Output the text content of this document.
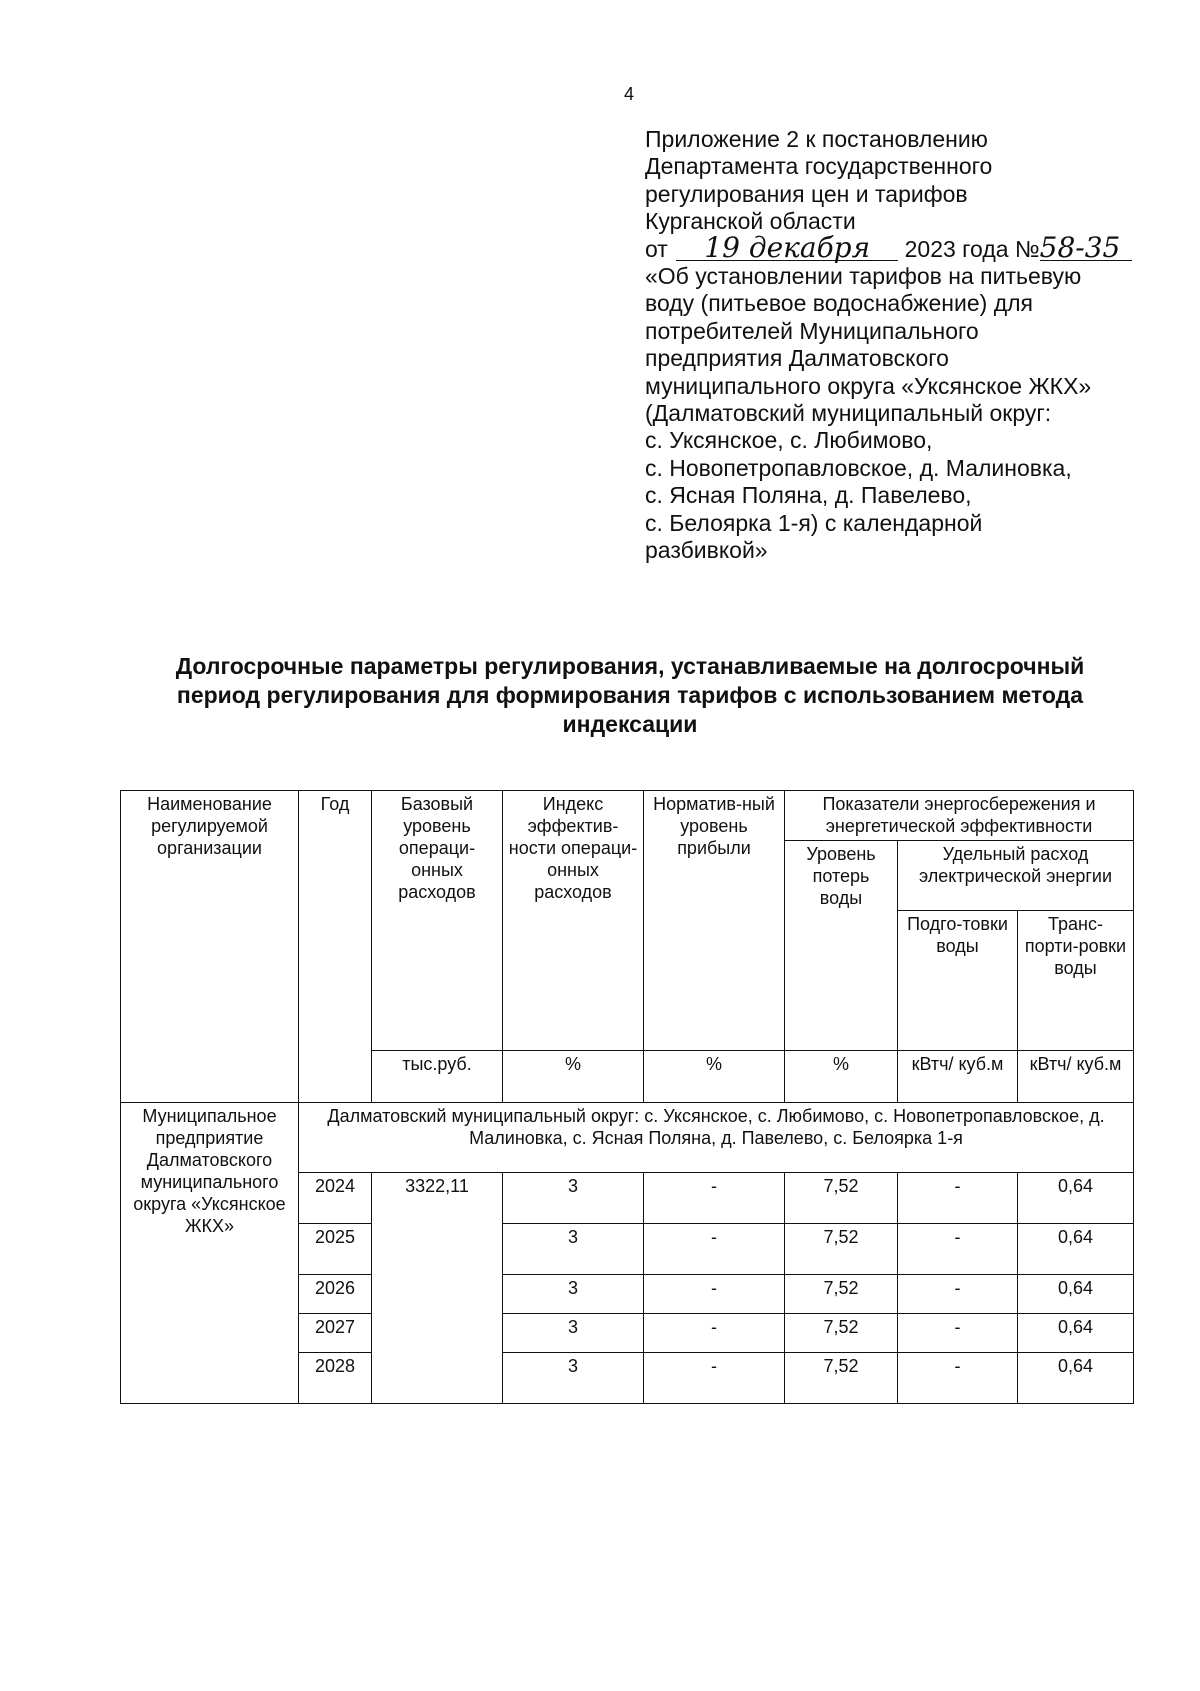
4
Приложение 2 к постановлению
Департамента государственного
регулирования цен и тарифов
Курганской области
от 19 декабря 2023 года №58-35
«Об установлении тарифов на питьевую
воду (питьевое водоснабжение) для
потребителей Муниципального
предприятия Далматовского
муниципального округа «Уксянское ЖКХ»
(Далматовский муниципальный округ:
с. Уксянское, с. Любимово,
с. Новопетропавловское, д. Малиновка,
с. Ясная Поляна, д. Павелево,
с. Белоярка 1-я) с календарной
разбивкой»
Долгосрочные параметры регулирования, устанавливаемые на долгосрочный период регулирования для формирования тарифов с использованием метода индексации
Наименование регулируемой организации	Год	Базовый уровень операци-онных расходов	Индекс эффектив-ности операци-онных расходов	Норматив-ный уровень прибыли	Показатели энергосбережения и энергетической эффективности		
					Уровень потерь воды	Удельный расход электрической энергии	
						Подго-товки воды	Транс-порти-ровки воды
		тыс.руб.	%	%	%	кВтч/ куб.м	кВтч/ куб.м
Муниципальное предприятие Далматовского муниципального округа «Уксянское ЖКХ»	Далматовский муниципальный округ: с. Уксянское, с. Любимово, с. Новопетропавловское, д. Малиновка, с. Ясная Поляна, д. Павелево, с. Белоярка 1-я						
	2024	3322,11	3	-	7,52	-	0,64
	2025		3	-	7,52	-	0,64
	2026		3	-	7,52	-	0,64
	2027		3	-	7,52	-	0,64
	2028		3	-	7,52	-	0,64
